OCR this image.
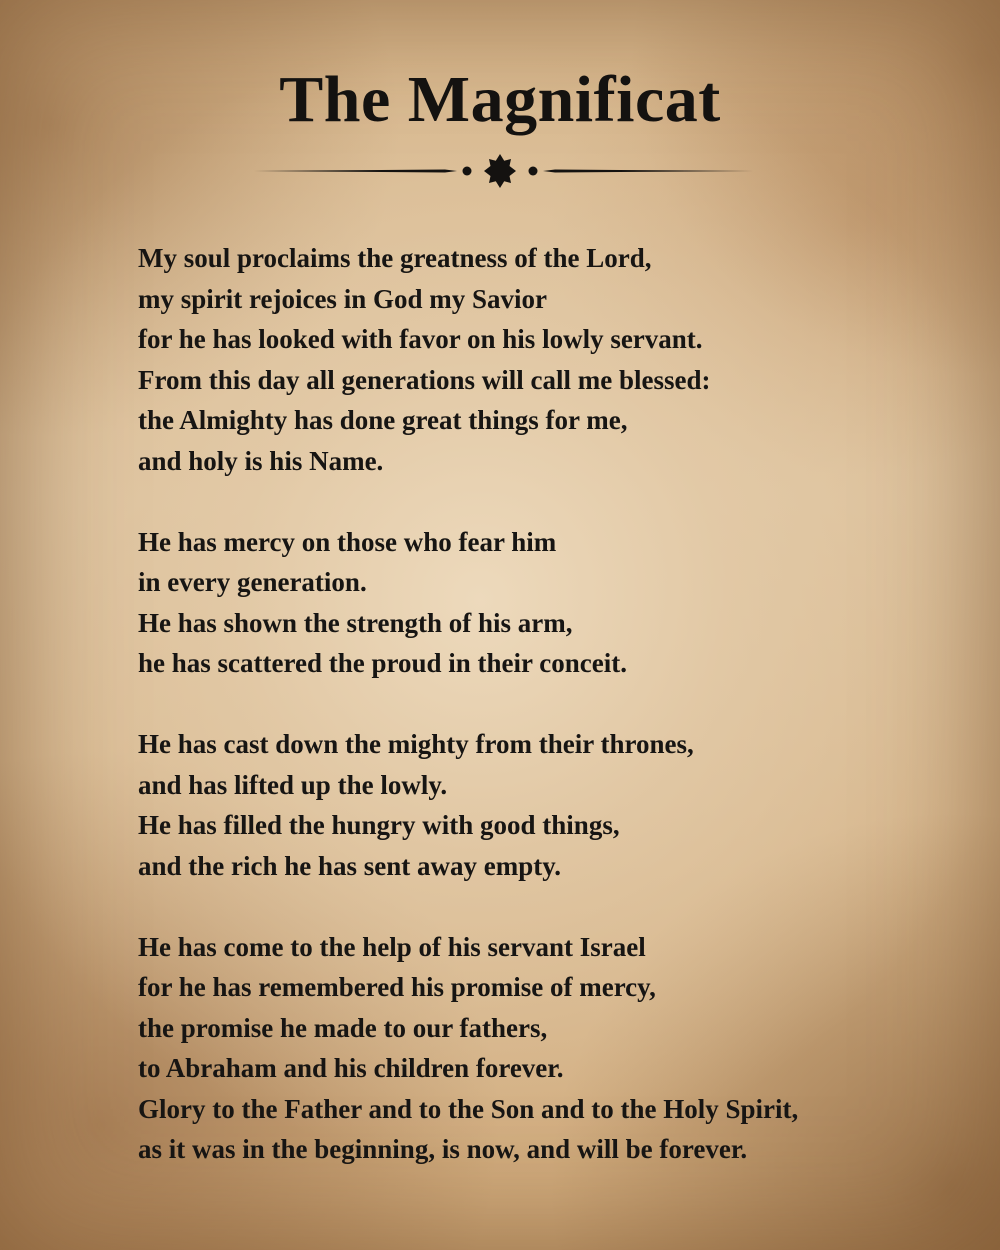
The Magnificat
My soul proclaims the greatness of the Lord,
my spirit rejoices in God my Savior
for he has looked with favor on his lowly servant.
From this day all generations will call me blessed:
the Almighty has done great things for me,
and holy is his Name.
He has mercy on those who fear him
in every generation.
He has shown the strength of his arm,
he has scattered the proud in their conceit.
He has cast down the mighty from their thrones,
and has lifted up the lowly.
He has filled the hungry with good things,
and the rich he has sent away empty.
He has come to the help of his servant Israel
for he has remembered his promise of mercy,
the promise he made to our fathers,
to Abraham and his children forever.
Glory to the Father and to the Son and to the Holy Spirit,
as it was in the beginning, is now, and will be forever.
